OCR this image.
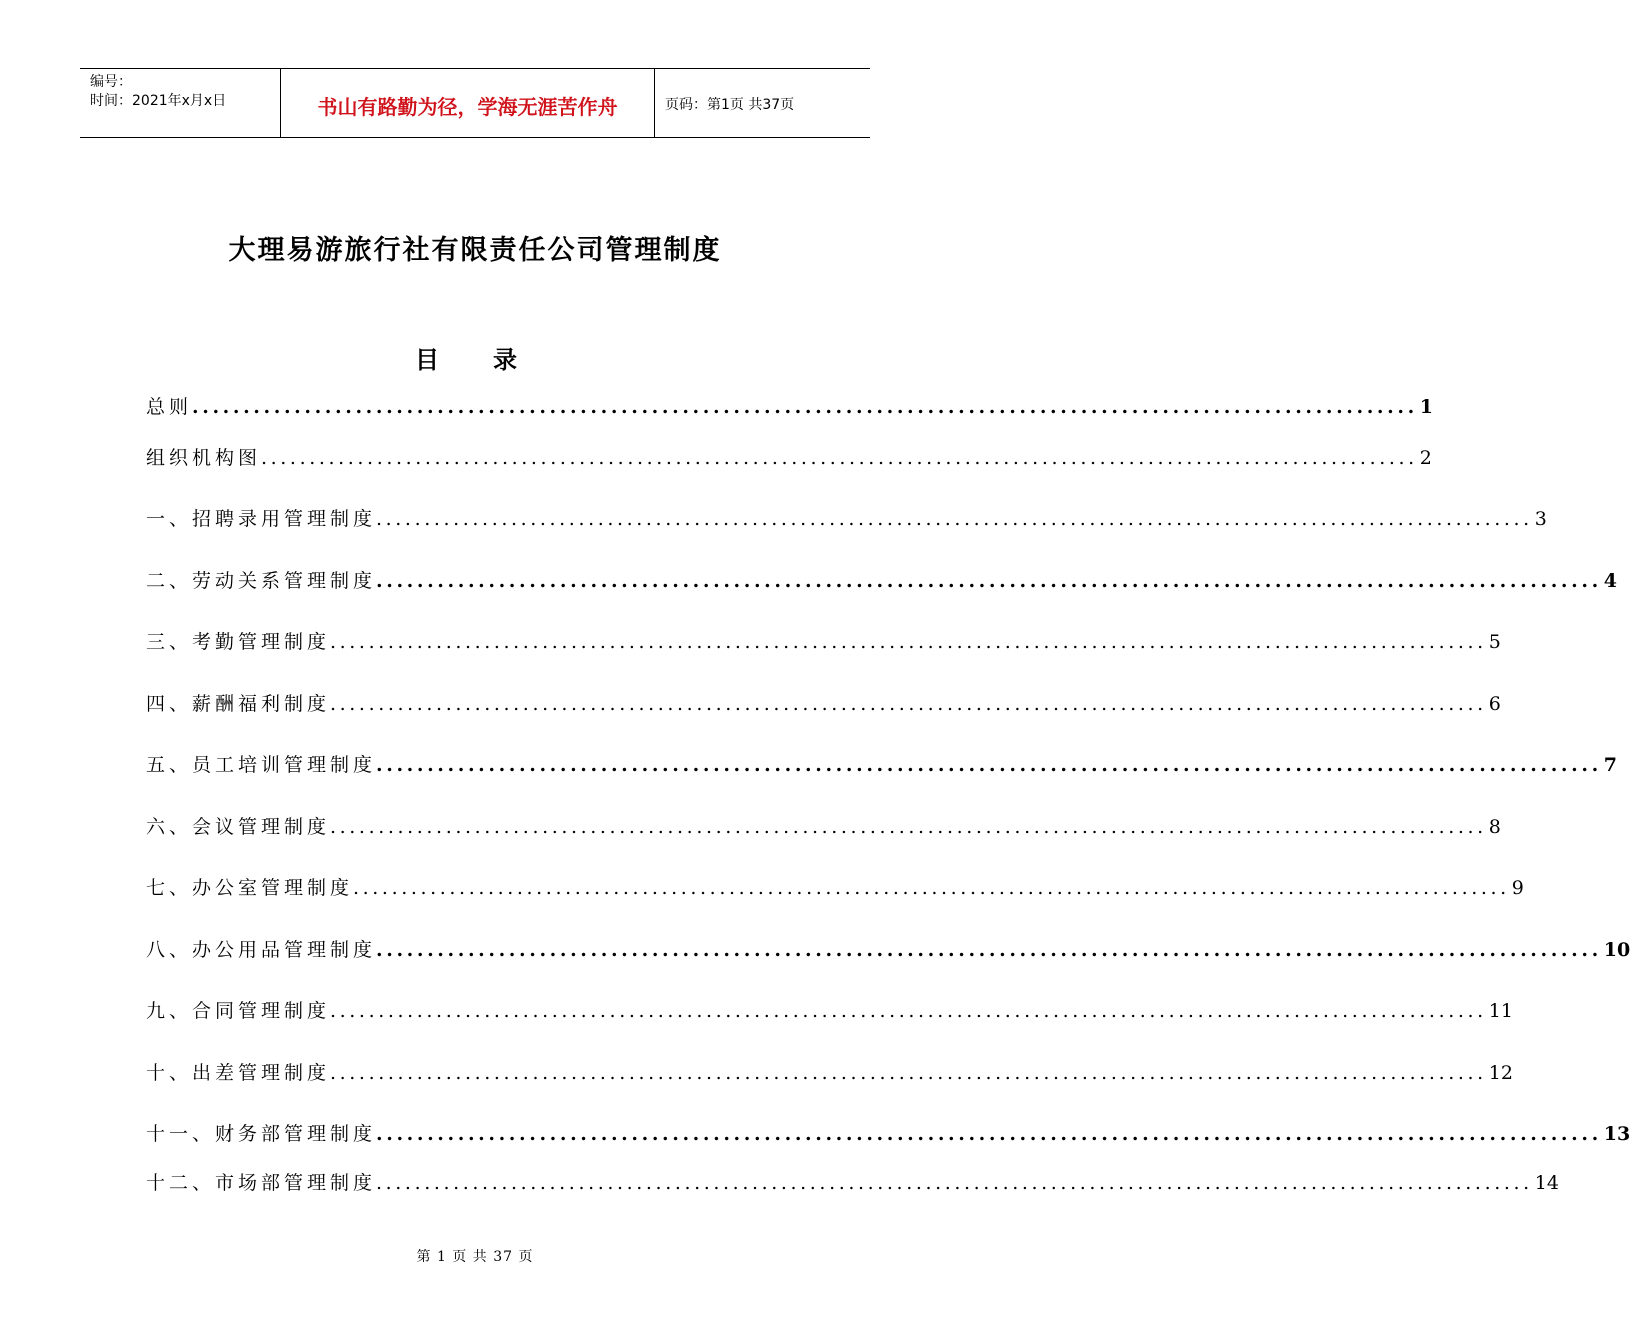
编号：
时间：2021年x月x日	书山有路勤为径，学海无涯苦作舟	页码：第1页 共37页
大理易游旅行社有限责任公司管理制度
目录
总则 ........................................................................................................................ 1
组织机构图 ........................................................................................................................ 2
一、招聘录用管理制度 ........................................................................................................................ 3
二、劳动关系管理制度 ........................................................................................................................ 4
三、考勤管理制度 ........................................................................................................................ 5
四、薪酬福利制度 ........................................................................................................................ 6
五、员工培训管理制度 ........................................................................................................................ 7
六、会议管理制度 ........................................................................................................................ 8
七、办公室管理制度 ........................................................................................................................ 9
八、办公用品管理制度 ........................................................................................................................ 10
九、合同管理制度 ........................................................................................................................ 11
十、出差管理制度 ........................................................................................................................ 12
十一、财务部管理制度 ........................................................................................................................ 13
十二、市场部管理制度 ........................................................................................................................ 14
第 1 页 共 37 页
